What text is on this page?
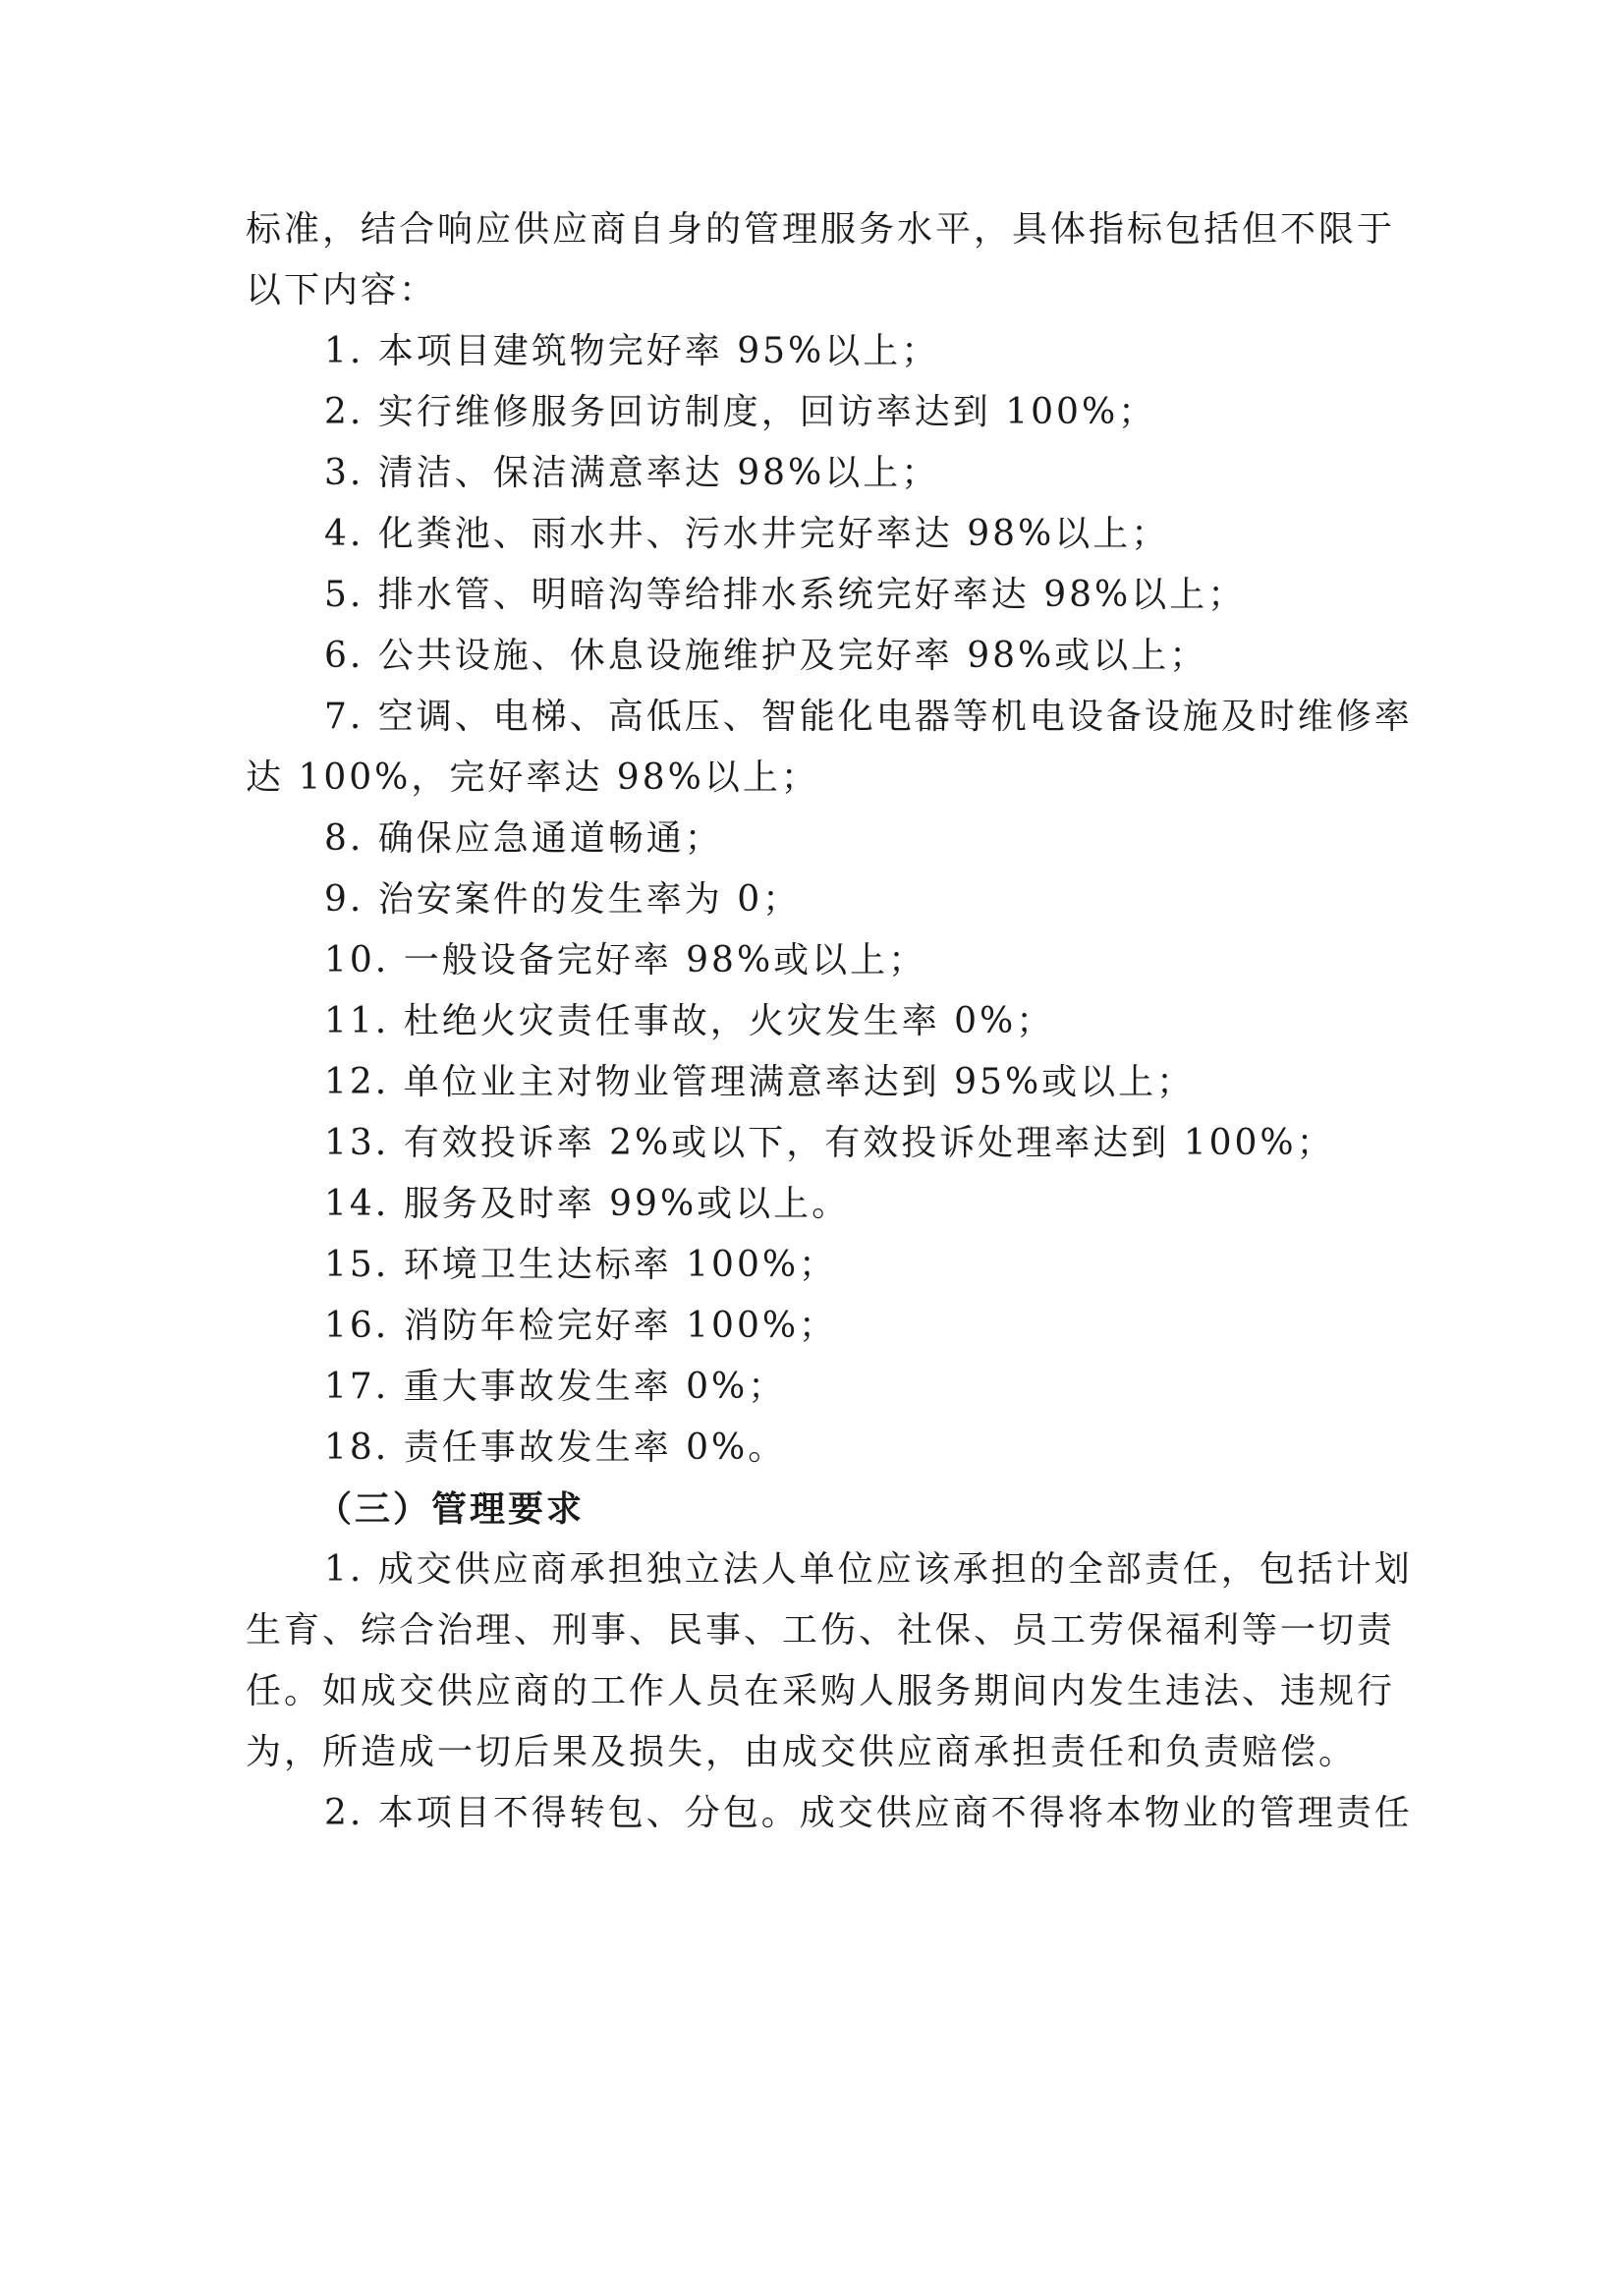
标准，结合响应供应商自身的管理服务水平，具体指标包括但不限于
以下内容：
1. 本项目建筑物完好率 95%以上；
2. 实行维修服务回访制度，回访率达到 100%；
3. 清洁、保洁满意率达 98%以上；
4. 化粪池、雨水井、污水井完好率达 98%以上；
5. 排水管、明暗沟等给排水系统完好率达 98%以上；
6. 公共设施、休息设施维护及完好率 98%或以上；
7. 空调、电梯、高低压、智能化电器等机电设备设施及时维修率
达 100%，完好率达 98%以上；
8. 确保应急通道畅通；
9. 治安案件的发生率为 0；
10. 一般设备完好率 98%或以上；
11. 杜绝火灾责任事故，火灾发生率 0%；
12. 单位业主对物业管理满意率达到 95%或以上；
13. 有效投诉率 2%或以下，有效投诉处理率达到 100%；
14. 服务及时率 99%或以上。
15. 环境卫生达标率 100%；
16. 消防年检完好率 100%；
17. 重大事故发生率 0%；
18. 责任事故发生率 0%。
（三）管理要求
1. 成交供应商承担独立法人单位应该承担的全部责任，包括计划
生育、综合治理、刑事、民事、工伤、社保、员工劳保福利等一切责
任。如成交供应商的工作人员在采购人服务期间内发生违法、违规行
为，所造成一切后果及损失，由成交供应商承担责任和负责赔偿。
2. 本项目不得转包、分包。成交供应商不得将本物业的管理责任
